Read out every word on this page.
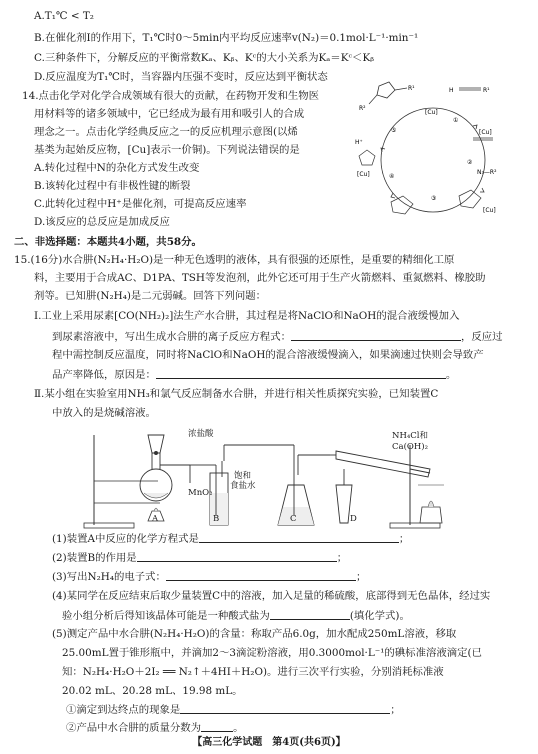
A.T₁℃ < T₂
B.在催化剂Ⅰ的作用下，T₁℃时0～5min内平均反应速率v(N₂)＝0.1mol·L⁻¹·min⁻¹
C.三种条件下，分解反应的平衡常数Kₐ、Kᵦ、Kᶜ的大小关系为Kₐ＝Kᶜ＜Kᵦ
D.反应温度为T₁℃时，当容器内压强不变时，反应达到平衡状态
14.点击化学对化学合成领域有很大的贡献，在药物开发和生物医
用材料等的诸多领域中，它已经成为最有用和吸引人的合成
理念之一。点击化学经典反应之一的反应机理示意图(以烯
基类为起始反应物，[Cu]表示一价铜)。下列说法错误的是
A.转化过程中N的杂化方式发生改变
B.该转化过程中有非极性键的断裂
C.此转化过程中H⁺是催化剂，可提高反应速率
D.该反应的总反应是加成反应
R¹
R²
H	R¹
[Cu]
①
②
③
④
⑤
H⁺
[Cu]
[Cu]
N₃—R²
[Cu]
二、非选择题：本题共4小题，共58分。
15.(16分)水合肼(N₂H₄·H₂O)是一种无色透明的液体，具有很强的还原性，是重要的精细化工原
料，主要用于合成AC、D1PA、TSH等发泡剂，此外它还可用于生产火箭燃料、重氮燃料、橡胶助
剂等。已知肼(N₂H₄)是二元弱碱。回答下列问题：
Ⅰ.工业上采用尿素[CO(NH₂)₂]法生产水合肼，其过程是将NaClO和NaOH的混合液缓慢加入
到尿素溶液中，写出生成水合肼的离子反应方程式：	，反应过
程中需控制反应温度，同时将NaClO和NaOH的混合溶液缓慢滴入，如果滴速过快则会导致产
品产率降低，原因是：	。
Ⅱ.某小组在实验室用NH₃和氯气反应制备水合肼，并进行相关性质探究实验，已知装置C
中放入的是烧碱溶液。
浓盐酸
MnO₂
饱和
食盐水
NH₄Cl和
Ca(OH)₂
A	B	C	D
(1)装置A中反应的化学方程式是	；
(2)装置B的作用是	；
(3)写出N₂H₄的电子式：	；
(4)某同学在反应结束后取少量装置C中的溶液，加入足量的稀硫酸，底部得到无色晶体，经过实
验小组分析后得知该晶体可能是一种酸式盐为	(填化学式)。
(5)测定产品中水合肼(N₂H₄·H₂O)的含量：称取产品6.0g，加水配成250mL溶液，移取
25.00mL置于锥形瓶中，并滴加2～3滴淀粉溶液，用0.3000mol·L⁻¹的碘标准溶液滴定(已
知：N₂H₄·H₂O＋2I₂ ══ N₂↑＋4HI＋H₂O)。进行三次平行实验，分别消耗标准液
20.02 mL、20.28 mL、19.98 mL。
①滴定到达终点的现象是	；
②产品中水合肼的质量分数为	。
【高三化学试题　第4页(共6页)】
